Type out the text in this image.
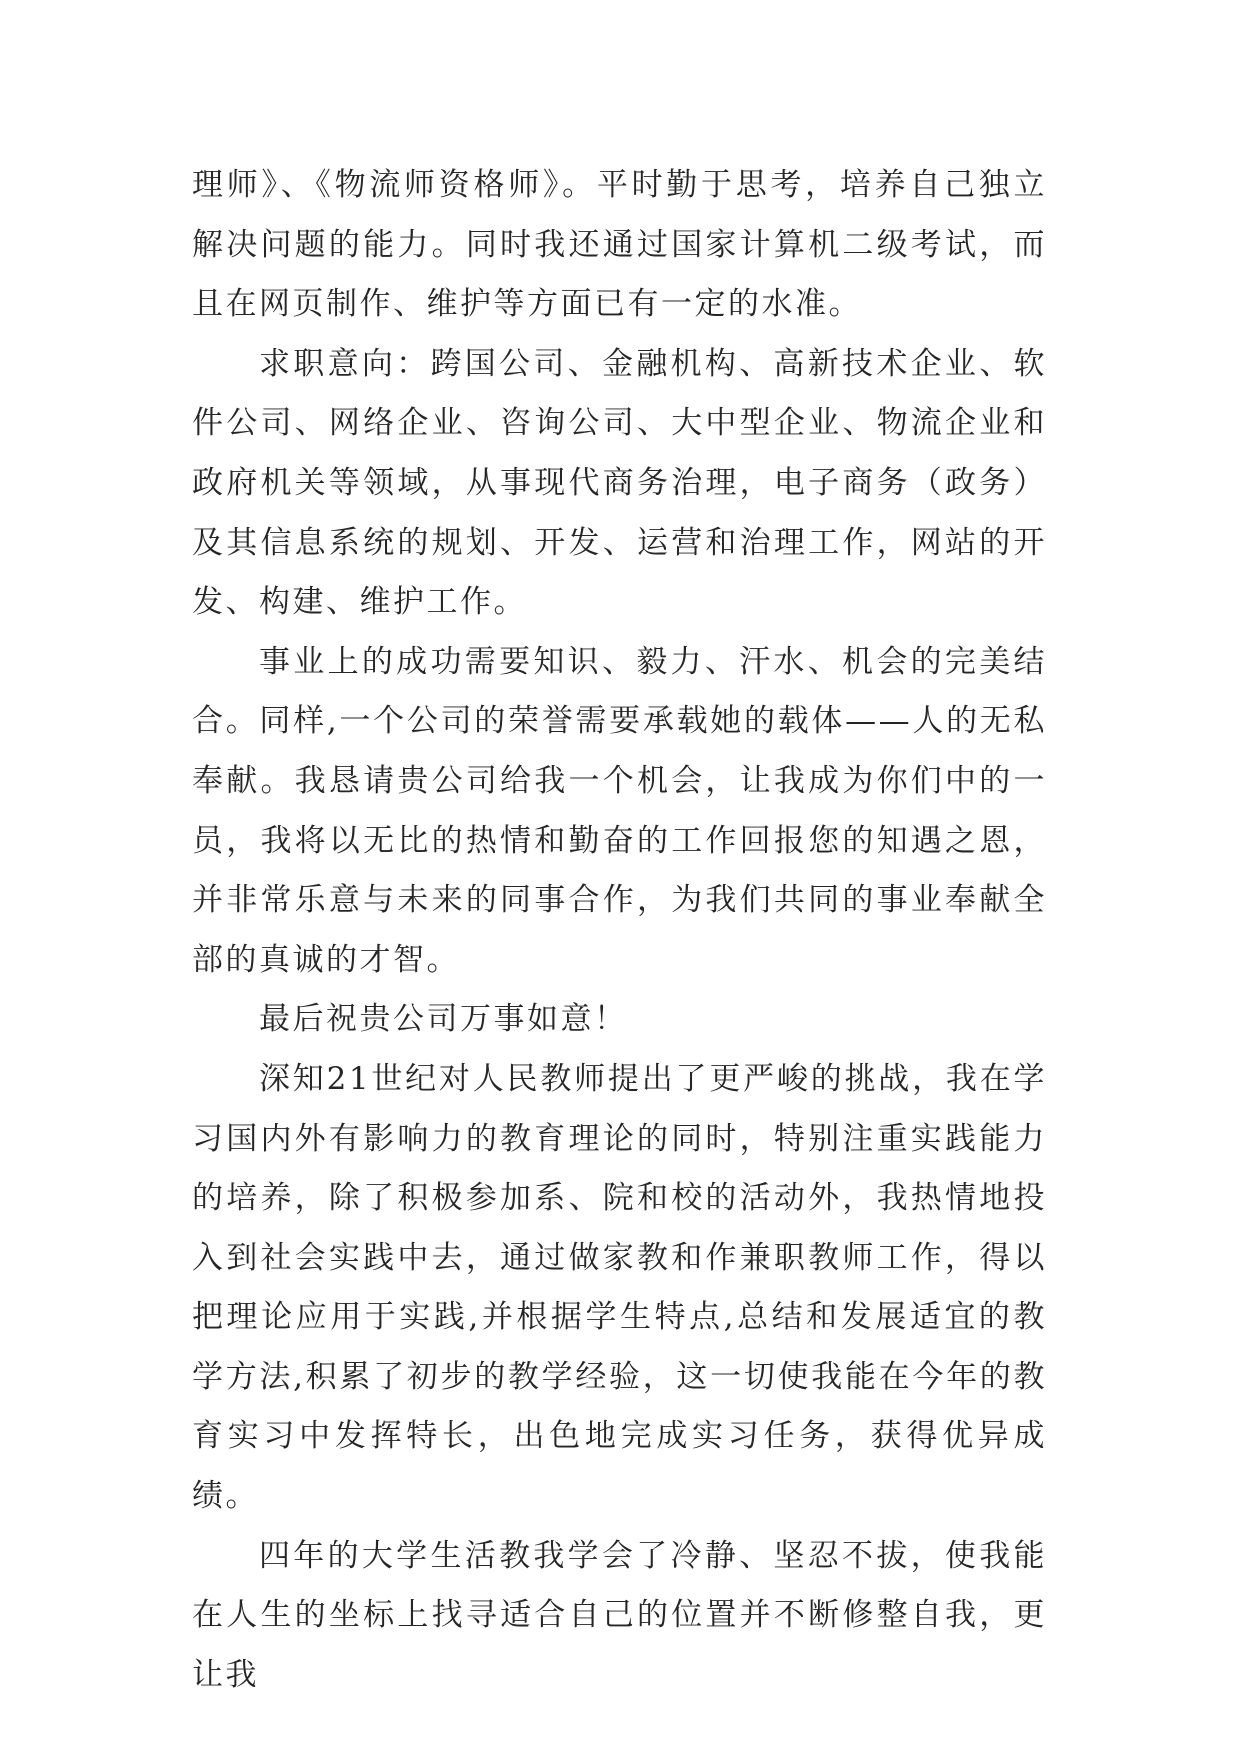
理师》、《物流师资格师》。平时勤于思考，培养自己独立解决问题的能力。同时我还通过国家计算机二级考试，而且在网页制作、维护等方面已有一定的水准。

求职意向：跨国公司、金融机构、高新技术企业、软件公司、网络企业、咨询公司、大中型企业、物流企业和政府机关等领域，从事现代商务治理，电子商务（政务）及其信息系统的规划、开发、运营和治理工作，网站的开发、构建、维护工作。

事业上的成功需要知识、毅力、汗水、机会的完美结合。同样,一个公司的荣誉需要承载她的载体——人的无私奉献。我恳请贵公司给我一个机会，让我成为你们中的一员，我将以无比的热情和勤奋的工作回报您的知遇之恩，并非常乐意与未来的同事合作，为我们共同的事业奉献全部的真诚的才智。

最后祝贵公司万事如意！

深知21世纪对人民教师提出了更严峻的挑战，我在学习国内外有影响力的教育理论的同时，特别注重实践能力的培养，除了积极参加系、院和校的活动外，我热情地投入到社会实践中去，通过做家教和作兼职教师工作，得以把理论应用于实践,并根据学生特点,总结和发展适宜的教学方法,积累了初步的教学经验，这一切使我能在今年的教育实习中发挥特长，出色地完成实习任务，获得优异成绩。

四年的大学生活教我学会了冷静、坚忍不拔，使我能在人生的坐标上找寻适合自己的位置并不断修整自我，更让我
